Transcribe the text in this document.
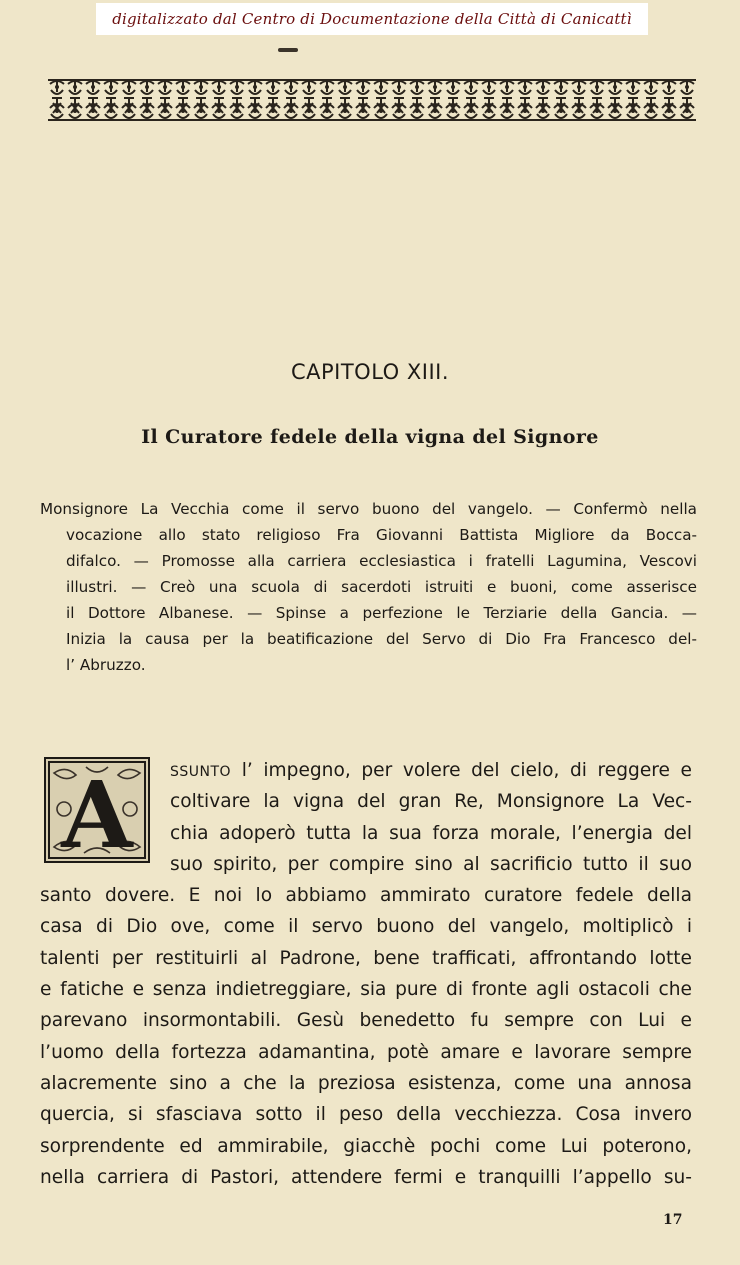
digitalizzato dal Centro di Documentazione della Città di Canicattì
CAPITOLO XIII.
Il Curatore fedele della vigna del Signore
Monsignore La Vecchia come il servo buono del vangelo. — Confermò nella
vocazione allo stato religioso Fra Giovanni Battista Migliore da Bocca-
difalco. — Promosse alla carriera ecclesiastica i fratelli Lagumina, Vescovi
illustri. — Creò una scuola di sacerdoti istruiti e buoni, come asserisce
il Dottore Albanese. — Spinse a perfezione le Terziarie della Gancia. —
Inizia la causa per la beatificazione del Servo di Dio Fra Francesco del-
l’ Abruzzo.
A	SSUNTO l’ impegno, per volere del cielo, di reggere e
coltivare la vigna del gran Re, Monsignore La Vec-
chia adoperò tutta la sua forza morale, l’energia del
suo spirito, per compire sino al sacrificio tutto il suo
santo dovere. E noi lo abbiamo ammirato curatore fedele della
casa di Dio ove, come il servo buono del vangelo, moltiplicò i
talenti per restituirli al Padrone, bene trafficati, affrontando lotte
e fatiche e senza indietreggiare, sia pure di fronte agli ostacoli che
parevano insormontabili. Gesù benedetto fu sempre con Lui e
l’uomo della fortezza adamantina, potè amare e lavorare sempre
alacremente sino a che la preziosa esistenza, come una annosa
quercia, si sfasciava sotto il peso della vecchiezza. Cosa invero
sorprendente ed ammirabile, giacchè pochi come Lui poterono,
nella carriera di Pastori, attendere fermi e tranquilli l’appello su-
17
